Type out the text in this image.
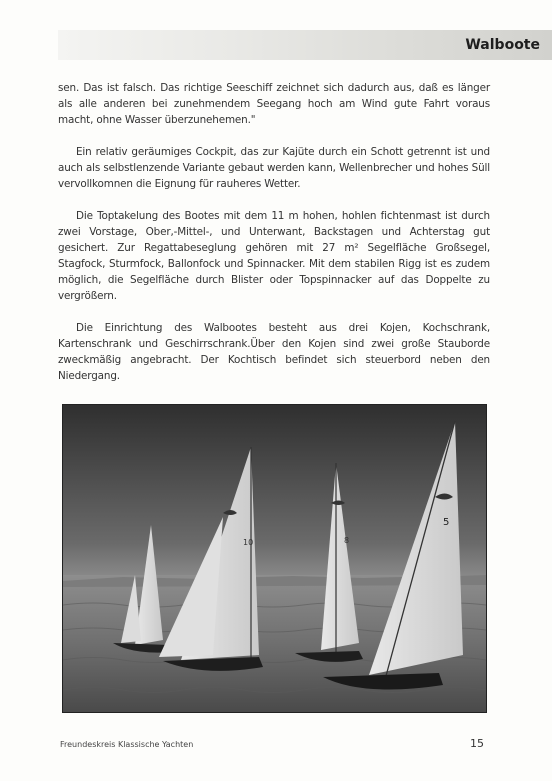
Walboote

sen. Das ist falsch. Das richtige Seeschiff zeichnet sich dadurch aus, daß es länger als alle anderen bei zunehmendem Seegang hoch am Wind gute Fahrt voraus macht, ohne Wasser überzunehemen."

Ein relativ geräumiges Cockpit, das zur Kajüte durch ein Schott getrennt ist und auch als selbstlenzende Variante gebaut werden kann, Wellenbrecher und hohes Süll vervollkomnen die Eignung für rauheres Wetter.

Die Toptakelung des Bootes mit dem 11 m hohen, hohlen fichtenmast ist durch zwei Vorstage, Ober,-Mittel-, und Unterwant, Backstagen und Achterstag gut gesichert. Zur Regattabeseglung gehören mit 27 m² Segelfläche Großsegel, Stagfock, Sturmfock, Ballonfock und Spinnacker. Mit dem stabilen Rigg ist es zudem möglich, die Segelfläche durch Blister oder Topspinnacker auf das Doppelte zu vergrößern.

Die Einrichtung des Walbootes besteht aus drei Kojen, Kochschrank, Kartenschrank und Geschirrschrank.Über den Kojen sind zwei große Stauborde zweckmäßig angebracht. Der Kochtisch befindet sich steuerbord neben den Niedergang.

10	8
5
Freundeskreis Klassische Yachten	15
